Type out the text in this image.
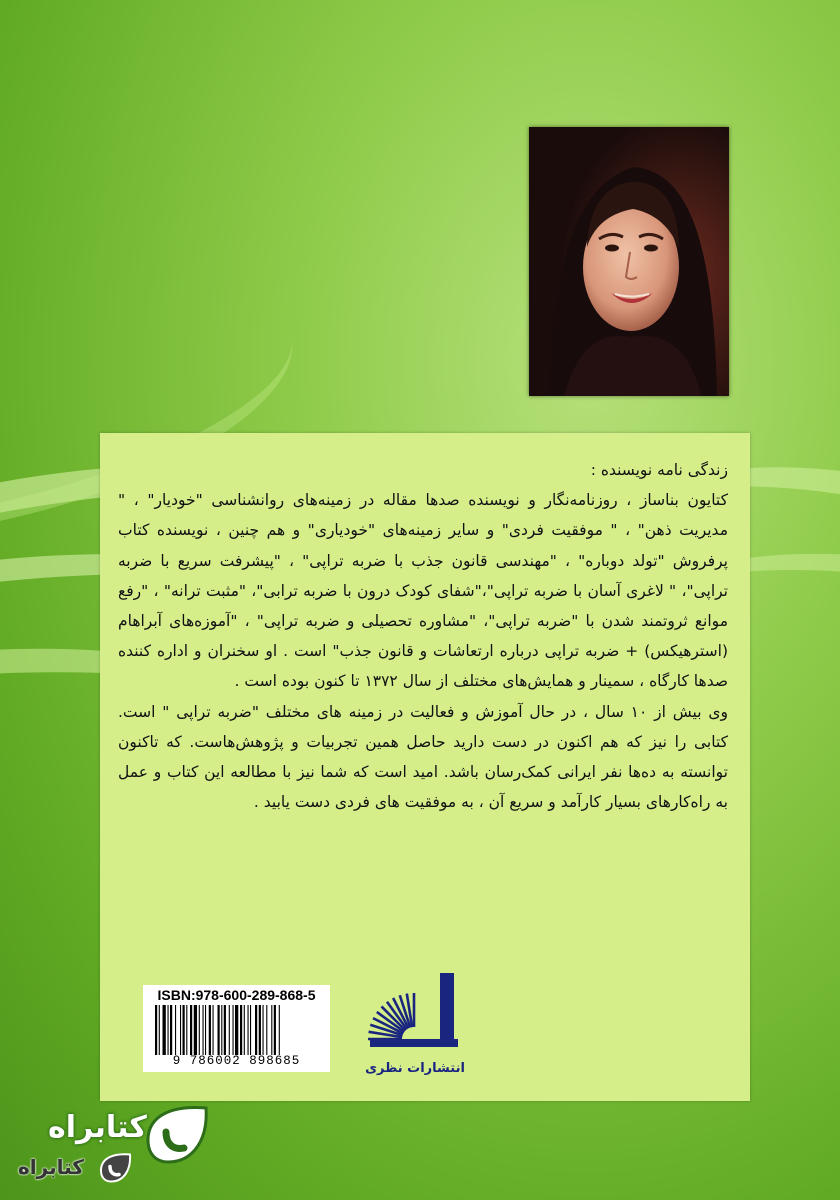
زندگی نامه نویسنده :

کتایون بناساز ، روزنامه‌نگار و نویسنده صدها مقاله در زمینه‌های روانشناسی "خودیار" ، " مدیریت ذهن" ، " موفقیت فردی" و سایر زمینه‌های "خودیاری" و هم چنین ، نویسنده کتاب پرفروش "تولد دوباره" ، "مهندسی قانون جذب با ضربه تراپی" ، "پیشرفت سریع با ضربه تراپی"، " لاغری آسان با ضربه تراپی"،"شفای کودک درون با ضربه ترابی"، "مثبت ترانه" ، "رفع موانع ثروتمند شدن با "ضربه تراپی"، "مشاوره تحصیلی و ضربه تراپی" ، "آموزه‌های آبراهام (استرهیکس) + ضربه تراپی درباره ارتعاشات و قانون جذب" است . او سخنران و اداره کننده صدها کارگاه ، سمینار و همایش‌های مختلف از سال ۱۳۷۲ تا کنون بوده است .

وی بیش از ۱۰ سال ، در حال آموزش و فعالیت در زمینه های مختلف "ضربه تراپی " است. کتابی را نیز که هم اکنون در دست دارید حاصل همین تجربیات و پژوهش‌هاست. که تاکنون توانسته به ده‌ها نفر ایرانی کمک‌رسان باشد. امید است که شما نیز با مطالعه این کتاب و عمل به راه‌کارهای بسیار کارآمد و سریع آن ، به موفقیت های فردی دست یابید .

ISBN:978-600-289-868-5
9 786002 898685	انتشارات نظری
کتابراه
کتابراه
